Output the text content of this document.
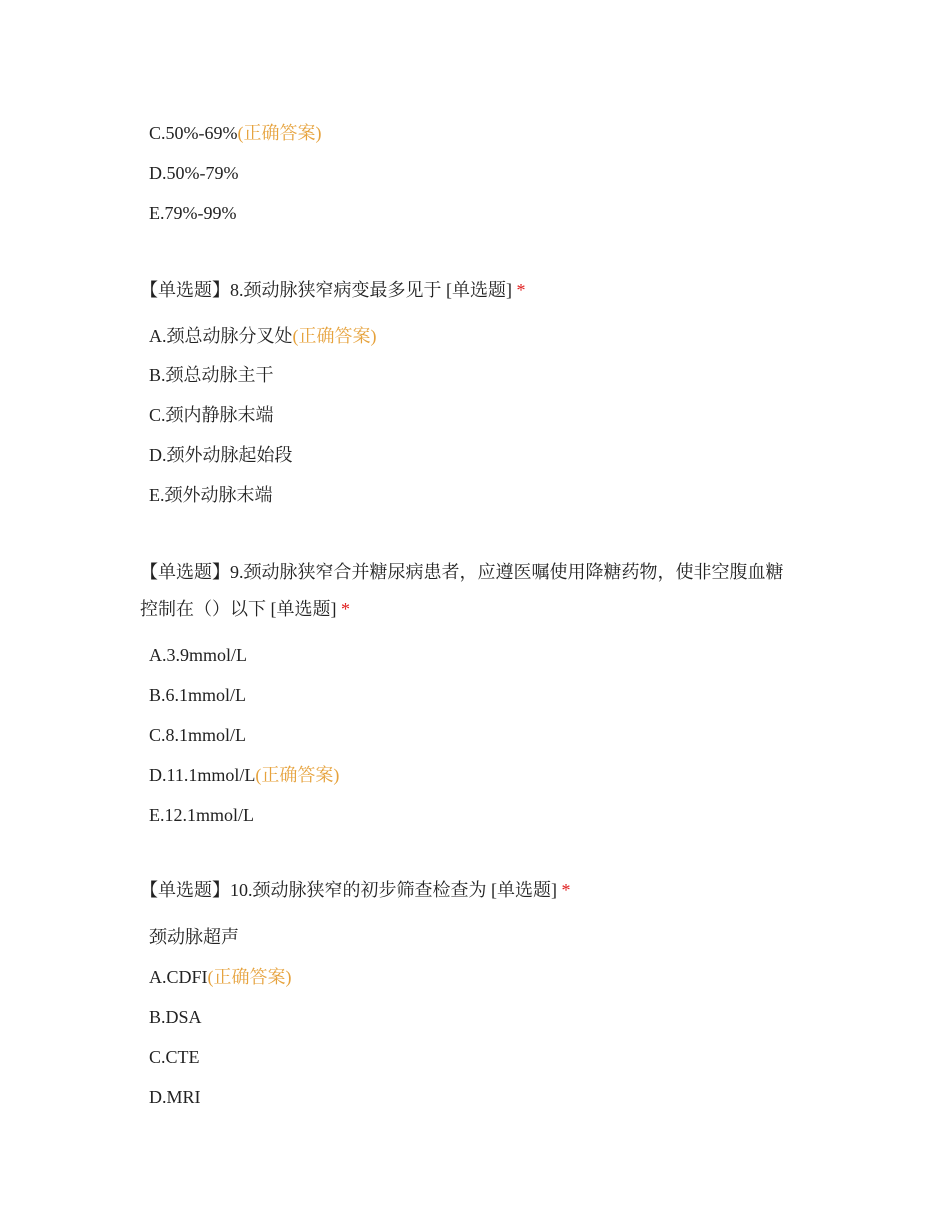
C.50%-69%(正确答案)
D.50%-79%
E.79%-99%
【单选题】8.颈动脉狭窄病变最多见于 [单选题] *
A.颈总动脉分叉处(正确答案)
B.颈总动脉主干
C.颈内静脉末端
D.颈外动脉起始段
E.颈外动脉末端
【单选题】9.颈动脉狭窄合并糖尿病患者，应遵医嘱使用降糖药物，使非空腹血糖
控制在（）以下 [单选题] *
A.3.9mmol/L
B.6.1mmol/L
C.8.1mmol/L
D.11.1mmol/L(正确答案)
E.12.1mmol/L
【单选题】10.颈动脉狭窄的初步筛查检查为 [单选题] *
颈动脉超声
A.CDFI(正确答案)
B.DSA
C.CTE
D.MRI
